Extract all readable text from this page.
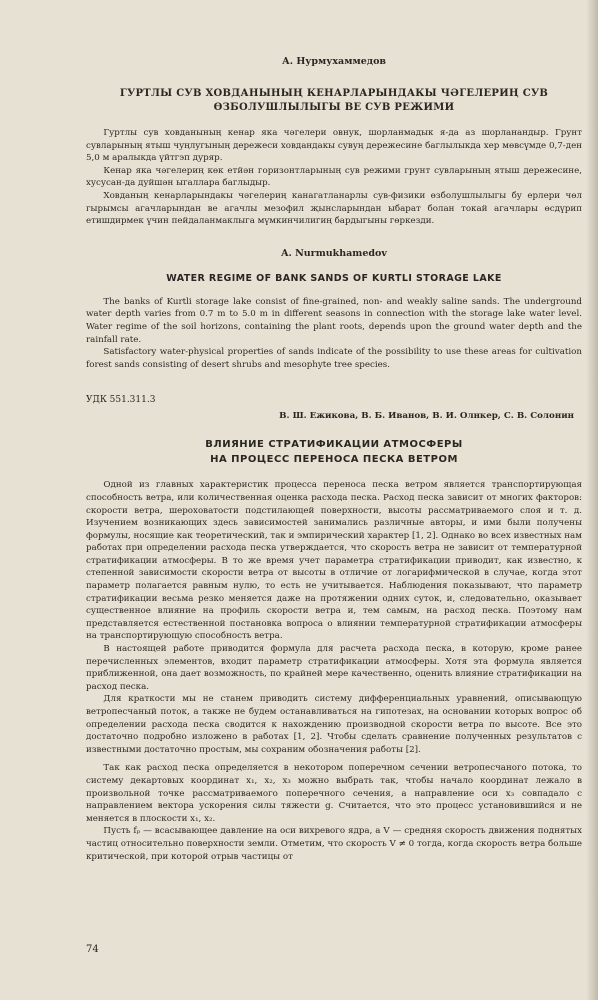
А. Нурмухаммедов
ГУРТЛЫ СУВ ХОВДАНЫНЫҢ КЕНАРЛАРЫНДАКЫ ЧӘГЕЛЕРИҢ СУВ
ӨЗБОЛУШЛЫЛЫГЫ ВЕ СУВ РЕЖИМИ

Гуртлы сув ховданының кенар яка чәгелери овнук, шорланмадык я-да аз шорланандыр. Грунт сувларының ятыш чуңлугының дережеси ховдандакы сувуң дережесине баглылыкда хер мөвсүмде 0,7-ден 5,0 м аралыкда үйтгэп дуряр.

Кенар яка чәгелериң көк етйән горизонтларының сув режими грунт сувларының ятыш дережесине, хусусан-да дуйшән ыгаллара баглыдыр.

Ховданың кенарларындакы чәгелериң канагатланарлы сув-физики өзболушлылыгы бу ерлери чөл гырымсы агачларындан ве агачлы мезофил җынсларындан ыбарат болан токай агачлары өсдүрип етишдирмек үчин пейдаланмаклыга мүмкинчилигиң бардыгыны гөркезди.

A. Nurmukhamedov
WATER REGIME OF BANK SANDS OF KURTLI STORAGE LAKE

The banks of Kurtli storage lake consist of fine-grained, non- and weakly saline sands. The underground water depth varies from 0.7 m to 5.0 m in different seasons in connection with the storage lake water level. Water regime of the soil horizons, containing the plant roots, depends upon the ground water depth and the rainfall rate.

Satisfactory water-physical properties of sands indicate of the possibility to use these areas for cultivation forest sands consisting of desert shrubs and mesophyte tree species.

УДК 551.311.3
В. Ш. Ежикова, В. Б. Иванов, В. И. Олнкер, С. В. Солонин
ВЛИЯНИЕ СТРАТИФИКАЦИИ АТМОСФЕРЫ
НА ПРОЦЕСС ПЕРЕНОСА ПЕСКА ВЕТРОМ

Одной из главных характеристик процесса переноса песка ветром является транспортирующая способность ветра, или количественная оценка расхода песка. Расход песка зависит от многих факторов: скорости ветра, шероховатости подстилающей поверхности, высоты рассматриваемого слоя и т. д. Изучением возникающих здесь зависимостей занимались различные авторы, и ими были получены формулы, носящие как теоретический, так и эмпирический характер [1, 2]. Однако во всех известных нам работах при определении расхода песка утверждается, что скорость ветра не зависит от температурной стратификации атмосферы. В то же время учет параметра стратификации приводит, как известно, к степенной зависимости скорости ветра от высоты в отличие от логарифмической в случае, когда этот параметр полагается равным нулю, то есть не учитывается. Наблюдения показывают, что параметр стратификации весьма резко меняется даже на протяжении одних суток, и, следовательно, оказывает существенное влияние на профиль скорости ветра и, тем самым, на расход песка. Поэтому нам представляется естественной постановка вопроса о влиянии температурной стратификации атмосферы на транспортирующую способность ветра.

В настоящей работе приводится формула для расчета расхода песка, в которую, кроме ранее перечисленных элементов, входит параметр стратификации атмосферы. Хотя эта формула является приближенной, она дает возможность, по крайней мере качественно, оценить влияние стратификации на расход песка.

Для краткости мы не станем приводить систему дифференциальных уравнений, описывающую ветропесчаный поток, а также не будем останавливаться на гипотезах, на основании которых вопрос об определении расхода песка сводится к нахождению производной скорости ветра по высоте. Все это достаточно подробно изложено в работах [1, 2]. Чтобы сделать сравнение полученных результатов с известными достаточно простым, мы сохраним обозначения работы [2].

Так как расход песка определяется в некотором поперечном сечении ветропесчаного потока, то систему декартовых координат x₁, x₂, x₃ можно выбрать так, чтобы начало координат лежало в произвольной точке рассматриваемого поперечного сечения, а направление оси x₃ совпадало с направлением вектора ускорения силы тяжести g. Считается, что это процесс установившийся и не меняется в плоскости x₁, x₂.

Пусть fₚ — всасывающее давление на оси вихревого ядра, а V — средняя скорость движения поднятых частиц относительно поверхности земли. Отметим, что скорость V ≠ 0 тогда, когда скорость ветра больше критической, при которой отрыв частицы от

74
